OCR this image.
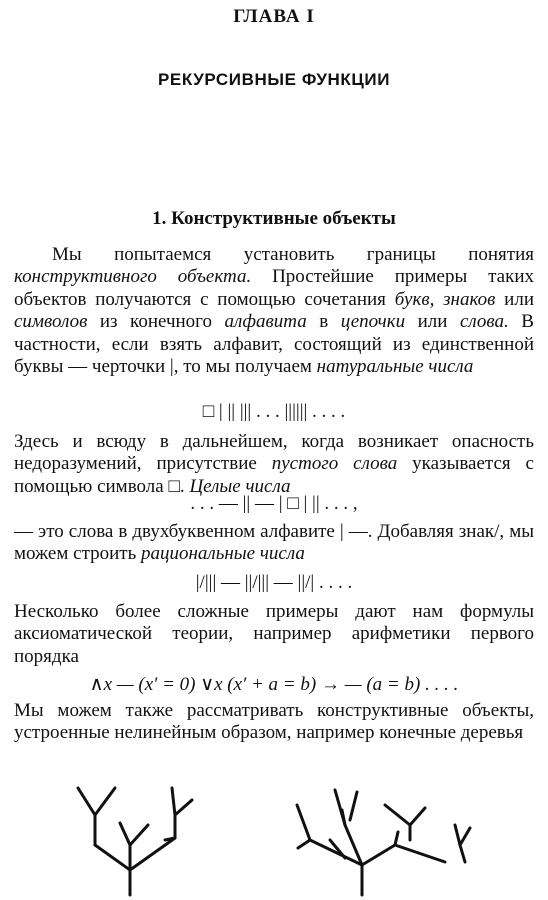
ГЛАВА I
РЕКУРСИВНЫЕ ФУНКЦИИ
1. Конструктивные объекты
Мы попытаемся установить границы понятия конструктивного объекта. Простейшие примеры таких объектов получаются с помощью сочетания букв, знаков или символов из конечного алфавита в цепочки или слова. В частности, если взять алфавит, состоящий из единственной буквы — черточки |, то мы получаем натуральные числа
□ | || ||| . . . |||||| . . . .
Здесь и всюду в дальнейшем, когда возникает опасность недоразумений, присутствие пустого слова указывается с помощью символа □. Целые числа
. . . — || — | □ | || . . . ,
— это слова в двухбуквенном алфавите | —. Добавляя знак/, мы можем строить рациональные числа
|/||| — ||/||| — ||/| . . . .
Несколько более сложные примеры дают нам формулы аксиоматической теории, например арифметики первого порядка
∧x — (x′ = 0) ∨x (x′ + a = b) → — (a = b) . . . .
Мы можем также рассматривать конструктивные объекты, устроенные нелинейным образом, например конечные деревья
